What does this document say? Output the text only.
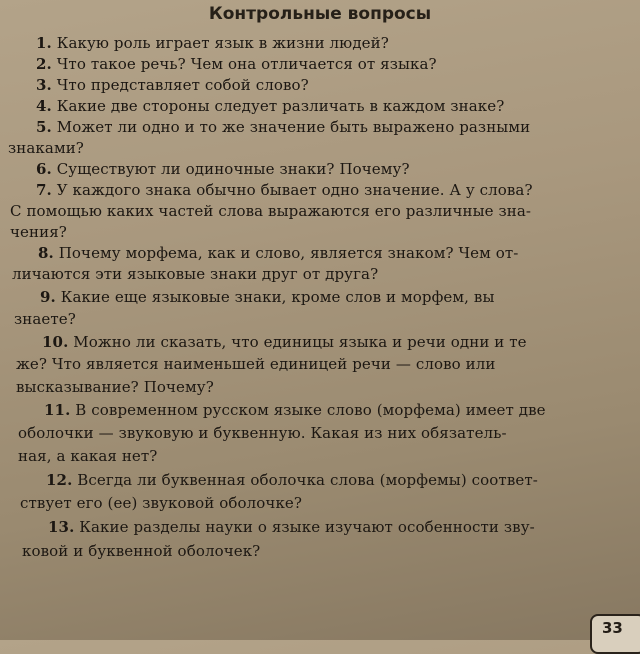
Контрольные вопросы
1. Какую роль играет язык в жизни людей?
2. Что такое речь? Чем она отличается от языка?
3. Что представляет собой слово?
4. Какие две стороны следует различать в каждом знаке?
5. Может ли одно и то же значение быть выражено разными
знаками?
6. Существуют ли одиночные знаки? Почему?
7. У каждого знака обычно бывает одно значение. А у слова?
С помощью каких частей слова выражаются его различные зна-
чения?
8. Почему морфема, как и слово, является знаком? Чем от-
личаются эти языковые знаки друг от друга?
9. Какие еще языковые знаки, кроме слов и морфем, вы
знаете?
10. Можно ли сказать, что единицы языка и речи одни и те
же? Что является наименьшей единицей речи — слово или
высказывание? Почему?
11. В современном русском языке слово (морфема) имеет две
оболочки — звуковую и буквенную. Какая из них обязатель-
ная, а какая нет?
12. Всегда ли буквенная оболочка слова (морфемы) соответ-
ствует его (ее) звуковой оболочке?
13. Какие разделы науки о языке изучают особенности зву-
ковой и буквенной оболочек?
33
